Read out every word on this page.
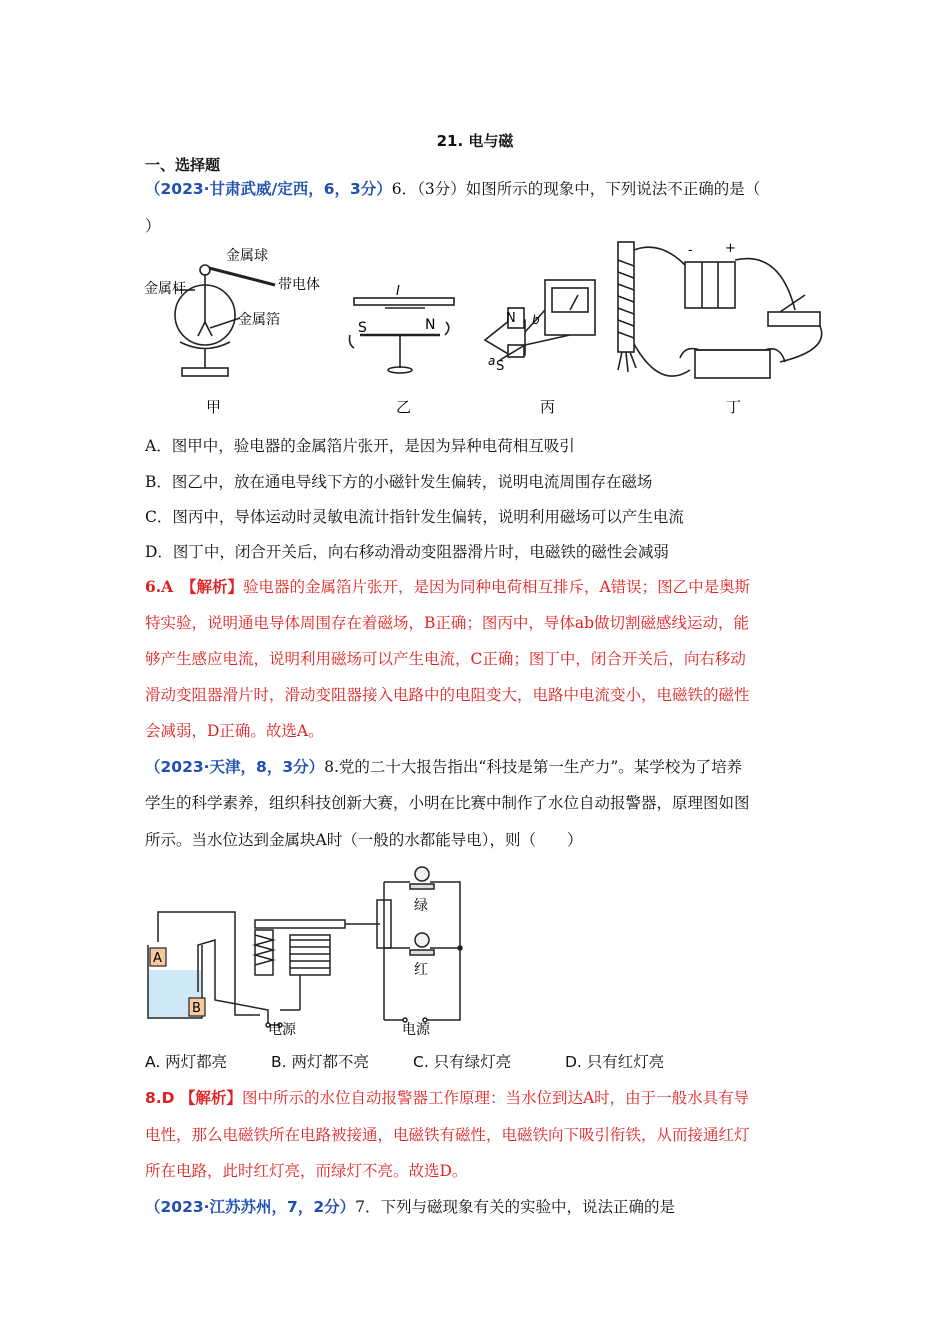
21. 电与磁
一、选择题
（2023·甘肃武威/定西，6，3分）6．（3分）如图所示的现象中，下列说法不正确的是（
）
金属球
金属杆	带电体
金属箔
甲
I
S	N
乙
N
S
a
b
丙
- +
丁
A．图甲中，验电器的金属箔片张开，是因为异种电荷相互吸引
B．图乙中，放在通电导线下方的小磁针发生偏转，说明电流周围存在磁场
C．图丙中，导体运动时灵敏电流计指针发生偏转，说明利用磁场可以产生电流
D．图丁中，闭合开关后，向右移动滑动变阻器滑片时，电磁铁的磁性会减弱
6.A　【解析】验电器的金属箔片张开，是因为同种电荷相互排斥，A错误；图乙中是奥斯
特实验，说明通电导体周围存在着磁场，B正确；图丙中，导体ab做切割磁感线运动，能
够产生感应电流，说明利用磁场可以产生电流，C正确；图丁中，闭合开关后，向右移动
滑动变阻器滑片时，滑动变阻器接入电路中的电阻变大，电路中电流变小，电磁铁的磁性
会减弱，D正确。故选A。
（2023·天津，8，3分）8.党的二十大报告指出“科技是第一生产力”。某学校为了培养
学生的科学素养，组织科技创新大赛，小明在比赛中制作了水位自动报警器，原理图如图
所示。当水位达到金属块A时（一般的水都能导电），则（　　）
A
B
绿
红
电源	电源
A. 两灯都亮	B. 两灯都不亮	C. 只有绿灯亮	D. 只有红灯亮
8.D 【解析】图中所示的水位自动报警器工作原理：当水位到达A时，由于一般水具有导
电性，那么电磁铁所在电路被接通，电磁铁有磁性，电磁铁向下吸引衔铁，从而接通红灯
所在电路，此时红灯亮，而绿灯不亮。故选D。
（2023·江苏苏州，7，2分）7．下列与磁现象有关的实验中，说法正确的是
